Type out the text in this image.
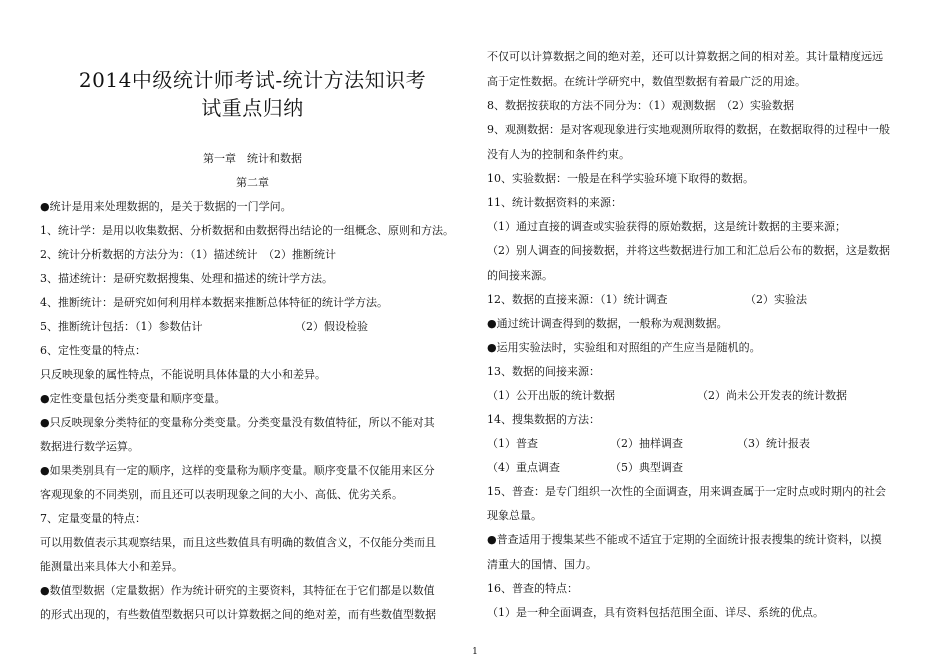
2014中级统计师考试-统计方法知识考
试重点归纳
第一章　统计和数据
第二章
●统计是用来处理数据的，是关于数据的一门学问。
1、统计学：是用以收集数据、分析数据和由数据得出结论的一组概念、原则和方法。
2、统计分析数据的方法分为：（1）描述统计　（2）推断统计
3、描述统计：是研究数据搜集、处理和描述的统计学方法。
4、推断统计：是研究如何利用样本数据来推断总体特征的统计学方法。
5、推断统计包括：（1）参数估计	（2）假设检验
6、定性变量的特点：
只反映现象的属性特点，不能说明具体体量的大小和差异。
●定性变量包括分类变量和顺序变量。
●只反映现象分类特征的变量称分类变量。分类变量没有数值特征，所以不能对其
数据进行数学运算。
●如果类别具有一定的顺序，这样的变量称为顺序变量。顺序变量不仅能用来区分
客观现象的不同类别，而且还可以表明现象之间的大小、高低、优劣关系。
7、定量变量的特点：
可以用数值表示其观察结果，而且这些数值具有明确的数值含义，不仅能分类而且
能测量出来具体大小和差异。
●数值型数据（定量数据）作为统计研究的主要资料，其特征在于它们都是以数值
的形式出现的，有些数值型数据只可以计算数据之间的绝对差，而有些数值型数据
不仅可以计算数据之间的绝对差，还可以计算数据之间的相对差。其计量精度远远
高于定性数据。在统计学研究中，数值型数据有着最广泛的用途。
8、数据按获取的方法不同分为：（1）观测数据　（2）实验数据
9、观测数据：是对客观现象进行实地观测所取得的数据，在数据取得的过程中一般
没有人为的控制和条件约束。
10、实验数据：一般是在科学实验环境下取得的数据。
11、统计数据资料的来源：
（1）通过直接的调查或实验获得的原始数据，这是统计数据的主要来源；
（2）别人调查的间接数据，并将这些数据进行加工和汇总后公布的数据，这是数据
的间接来源。
12、数据的直接来源：（1）统计调查	（2）实验法
●通过统计调查得到的数据，一般称为观测数据。
●运用实验法时，实验组和对照组的产生应当是随机的。
13、数据的间接来源：
（1）公开出版的统计数据	（2）尚未公开发表的统计数据
14、搜集数据的方法：
（1）普查	（2）抽样调查	（3）统计报表
（4）重点调查	（5）典型调查
15、普查：是专门组织一次性的全面调查，用来调查属于一定时点或时期内的社会
现象总量。
●普查适用于搜集某些不能或不适宜于定期的全面统计报表搜集的统计资料，以摸
清重大的国情、国力。
16、普查的特点：
（1）是一种全面调查，具有资料包括范围全面、详尽、系统的优点。
1
